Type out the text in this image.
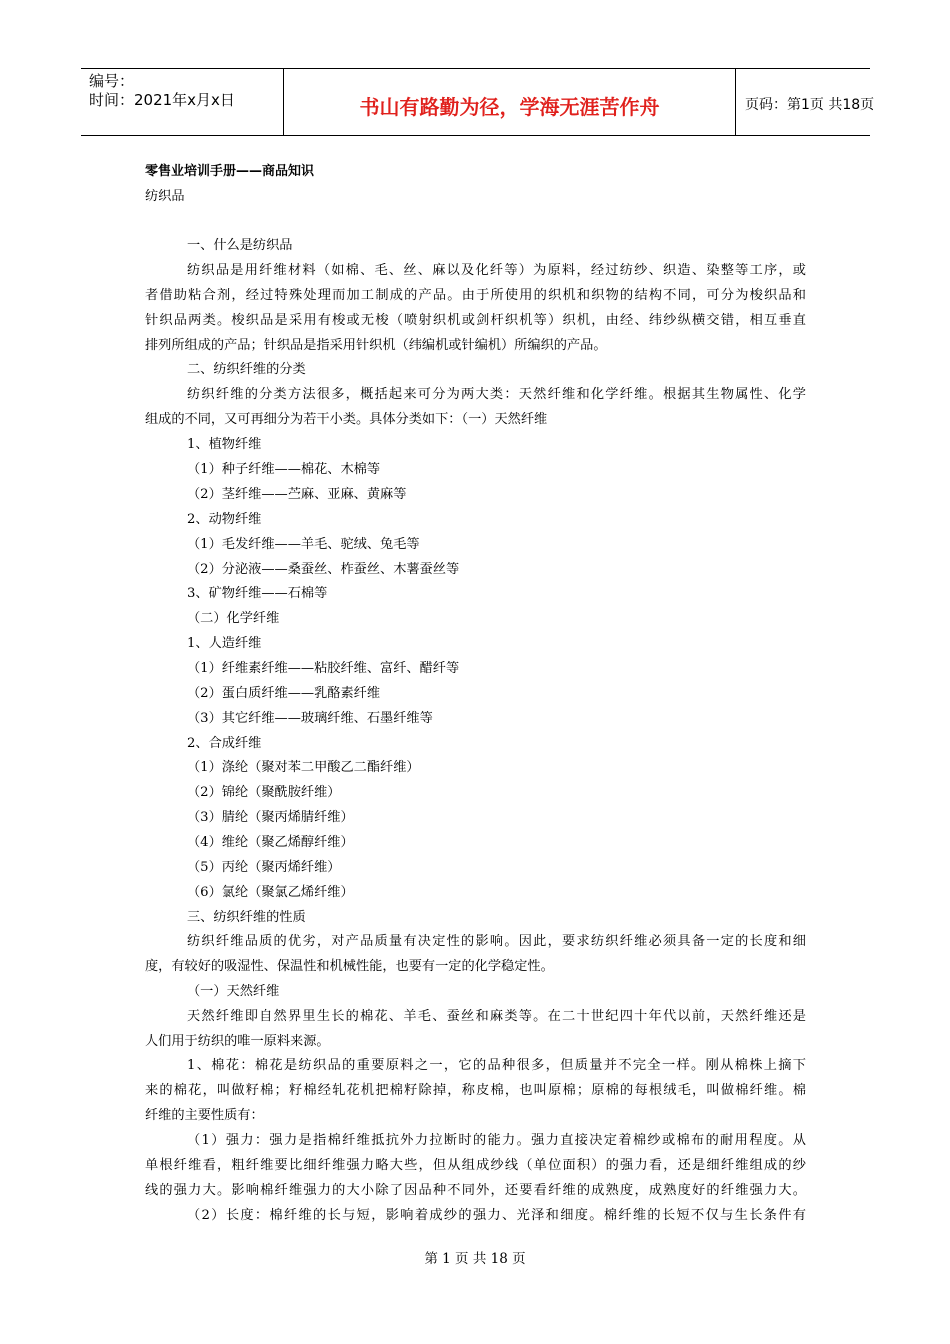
编号：
时间：2021年x月x日	书山有路勤为径，学海无涯苦作舟	页码：第1页 共18页
零售业培训手册——商品知识
纺织品
一、什么是纺织品
纺织品是用纤维材料（如棉、毛、丝、麻以及化纤等）为原料，经过纺纱、织造、染整等工序，或
者借助粘合剂，经过特殊处理而加工制成的产品。由于所使用的织机和织物的结构不同，可分为梭织品和
针织品两类。梭织品是采用有梭或无梭（喷射织机或剑杆织机等）织机，由经、纬纱纵横交错，相互垂直
排列所组成的产品；针织品是指采用针织机（纬编机或针编机）所编织的产品。
二、纺织纤维的分类
纺织纤维的分类方法很多，概括起来可分为两大类：天然纤维和化学纤维。根据其生物属性、化学
组成的不同，又可再细分为若干小类。具体分类如下：（一）天然纤维
1、植物纤维
（1）种子纤维——棉花、木棉等
（2）茎纤维——苎麻、亚麻、黄麻等
2、动物纤维
（1）毛发纤维——羊毛、驼绒、兔毛等
（2）分泌液——桑蚕丝、柞蚕丝、木薯蚕丝等
3、矿物纤维——石棉等
（二）化学纤维
1、人造纤维
（1）纤维素纤维——粘胶纤维、富纤、醋纤等
（2）蛋白质纤维——乳酪素纤维
（3）其它纤维——玻璃纤维、石墨纤维等
2、合成纤维
（1）涤纶（聚对苯二甲酸乙二酯纤维）
（2）锦纶（聚酰胺纤维）
（3）腈纶（聚丙烯腈纤维）
（4）维纶（聚乙烯醇纤维）
（5）丙纶（聚丙烯纤维）
（6）氯纶（聚氯乙烯纤维）
三、纺织纤维的性质
纺织纤维品质的优劣，对产品质量有决定性的影响。因此，要求纺织纤维必须具备一定的长度和细
度，有较好的吸湿性、保温性和机械性能，也要有一定的化学稳定性。
（一）天然纤维
天然纤维即自然界里生长的棉花、羊毛、蚕丝和麻类等。在二十世纪四十年代以前，天然纤维还是
人们用于纺织的唯一原料来源。
1、棉花：棉花是纺织品的重要原料之一，它的品种很多，但质量并不完全一样。刚从棉株上摘下
来的棉花，叫做籽棉；籽棉经轧花机把棉籽除掉，称皮棉，也叫原棉；原棉的每根绒毛，叫做棉纤维。棉
纤维的主要性质有：
（1）强力：强力是指棉纤维抵抗外力拉断时的能力。强力直接决定着棉纱或棉布的耐用程度。从
单根纤维看，粗纤维要比细纤维强力略大些，但从组成纱线（单位面积）的强力看，还是细纤维组成的纱
线的强力大。影响棉纤维强力的大小除了因品种不同外，还要看纤维的成熟度，成熟度好的纤维强力大。
（2）长度：棉纤维的长与短，影响着成纱的强力、光泽和细度。棉纤维的长短不仅与生长条件有
第 1 页 共 18 页
